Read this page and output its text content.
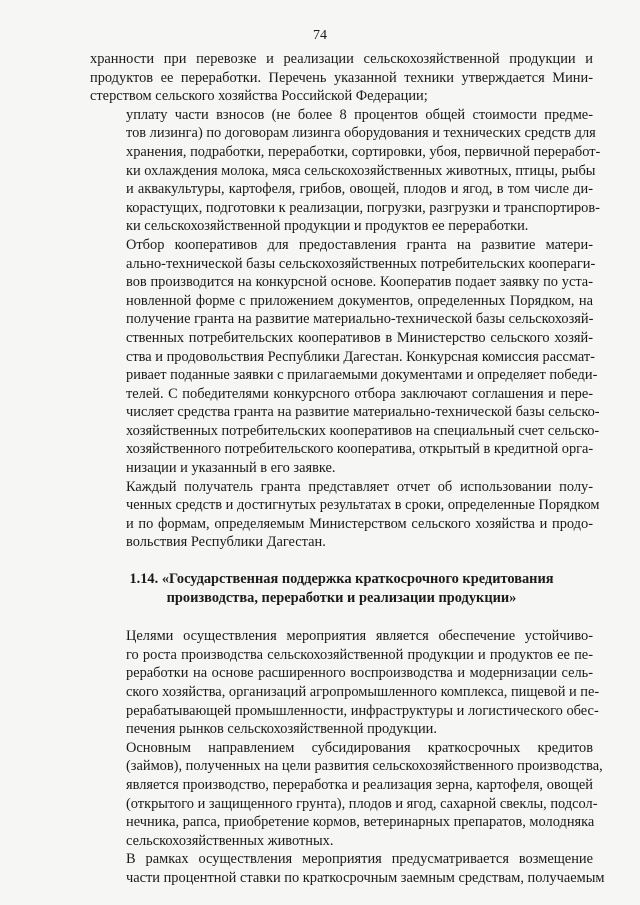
74

хранности при перевозке и реализации сельскохозяйственной продукции и
продуктов ее переработки. Перечень указанной техники утверждается Мини-
стерством сельского хозяйства Российской Федерации;

уплату части взносов (не более 8 процентов общей стоимости предме-
тов лизинга) по договорам лизинга оборудования и технических средств для
хранения, подработки, переработки, сортировки, убоя, первичной переработ-
ки охлаждения молока, мяса сельскохозяйственных животных, птицы, рыбы
и аквакультуры, картофеля, грибов, овощей, плодов и ягод, в том числе ди-
корастущих, подготовки к реализации, погрузки, разгрузки и транспортиров-
ки сельскохозяйственной продукции и продуктов ее переработки.

Отбор кооперативов для предоставления гранта на развитие матери-
ально-технической базы сельскохозяйственных потребительских коопераги-
вов производится на конкурсной основе. Кооператив подает заявку по уста-
новленной форме с приложением документов, определенных Порядком, на
получение гранта на развитие материально-технической базы сельскохозяй-
ственных потребительских кооперативов в Министерство сельского хозяй-
ства и продовольствия Республики Дагестан. Конкурсная комиссия рассмат-
ривает поданные заявки с прилагаемыми документами и определяет победи-
телей. С победителями конкурсного отбора заключают соглашения и пере-
числяет средства гранта на развитие материально-технической базы сельско-
хозяйственных потребительских кооперативов на специальный счет сельско-
хозяйственного потребительского кооператива, открытый в кредитной орга-
низации и указанный в его заявке.

Каждый получатель гранта представляет отчет об использовании полу-
ченных средств и достигнутых результатах в сроки, определенные Порядком
и по формам, определяемым Министерством сельского хозяйства и продо-
вольствия Республики Дагестан.

1.14. «Государственная поддержка краткосрочного кредитования
производства, переработки и реализации продукции»

Целями осуществления мероприятия является обеспечение устойчиво-
го роста производства сельскохозяйственной продукции и продуктов ее пе-
реработки на основе расширенного воспроизводства и модернизации сель-
ского хозяйства, организаций агропромышленного комплекса, пищевой и пе-
рерабатывающей промышленности, инфраструктуры и логистического обес-
печения рынков сельскохозяйственной продукции.

Основным направлением субсидирования краткосрочных кредитов
(займов), полученных на цели развития сельскохозяйственного производства,
является производство, переработка и реализация зерна, картофеля, овощей
(открытого и защищенного грунта), плодов и ягод, сахарной свеклы, подсол-
нечника, рапса, приобретение кормов, ветеринарных препаратов, молодняка
сельскохозяйственных животных.

В рамках осуществления мероприятия предусматривается возмещение
части процентной ставки по краткосрочным заемным средствам, получаемым
